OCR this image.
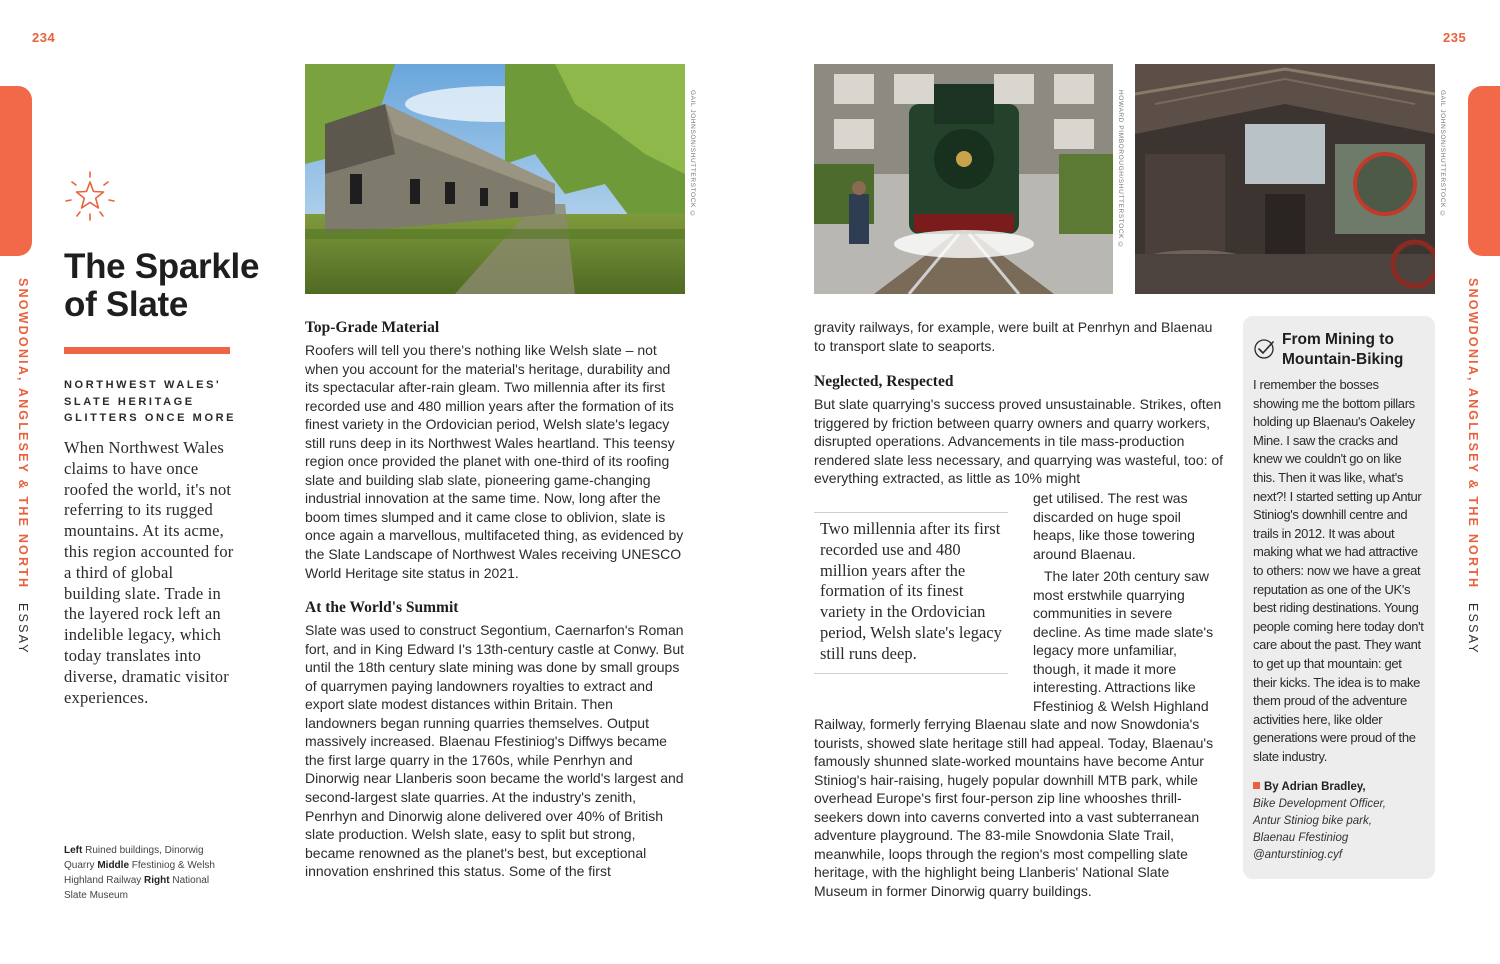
234	235
SNOWDONIA, ANGLESEY & THE NORTH ESSAY
SNOWDONIA, ANGLESEY & THE NORTH ESSAY
GAIL JOHNSON/SHUTTERSTOCK ©	HOWARD PIMBOROUGH/SHUTTERSTOCK ©	GAIL JOHNSON/SHUTTERSTOCK ©
The Sparkle of Slate
NORTHWEST WALES' SLATE HERITAGE GLITTERS ONCE MORE

When Northwest Wales claims to have once roofed the world, it's not referring to its rugged mountains. At its acme, this region accounted for a third of global building slate. Trade in the layered rock left an indelible legacy, which today translates into diverse, dramatic visitor experiences.

Left Ruined buildings, Dinorwig Quarry Middle Ffestiniog & Welsh Highland Railway Right National Slate Museum
Top-Grade Material

Roofers will tell you there's nothing like Welsh slate – not when you account for the material's heritage, durability and its spectacular after-rain gleam. Two millennia after its first recorded use and 480 million years after the formation of its finest variety in the Ordovician period, Welsh slate's legacy still runs deep in its Northwest Wales heartland. This teensy region once provided the planet with one-third of its roofing slate and building slab slate, pioneering game-changing industrial innovation at the same time. Now, long after the boom times slumped and it came close to oblivion, slate is once again a marvellous, multifaceted thing, as evidenced by the Slate Landscape of Northwest Wales receiving UNESCO World Heritage site status in 2021.

At the World's Summit

Slate was used to construct Segontium, Caernarfon's Roman fort, and in King Edward I's 13th-century castle at Conwy. But until the 18th century slate mining was done by small groups of quarrymen paying landowners royalties to extract and export slate modest distances within Britain. Then landowners began running quarries themselves. Output massively increased. Blaenau Ffestiniog's Diffwys became the first large quarry in the 1760s, while Penrhyn and Dinorwig near Llanberis soon became the world's largest and second-largest slate quarries. At the industry's zenith, Penrhyn and Dinorwig alone delivered over 40% of British slate production. Welsh slate, easy to split but strong, became renowned as the planet's best, but exceptional innovation enshrined this status. Some of the first

gravity railways, for example, were built at Penrhyn and Blaenau to transport slate to seaports.

Neglected, Respected

But slate quarrying's success proved unsustainable. Strikes, often triggered by friction between quarry owners and quarry workers, disrupted operations. Advancements in tile mass-production rendered slate less necessary, and quarrying was wasteful, too: of everything extracted, as little as 10% might

get utilised. The rest was discarded on huge spoil heaps, like those towering around Blaenau.

The later 20th century saw most erstwhile quarrying communities in severe decline. As time made slate's legacy more unfamiliar, though, it made it more interesting. Attractions like Ffestiniog & Welsh Highland

Two millennia after its first recorded use and 480 million years after the formation of its finest variety in the Ordovician period, Welsh slate's legacy still runs deep.

Railway, formerly ferrying Blaenau slate and now Snowdonia's tourists, showed slate heritage still had appeal. Today, Blaenau's famously shunned slate-worked mountains have become Antur Stiniog's hair-raising, hugely popular downhill MTB park, while overhead Europe's first four-person zip line whooshes thrill-seekers down into caverns converted into a vast subterranean adventure playground. The 83-mile Snowdonia Slate Trail, meanwhile, loops through the region's most compelling slate heritage, with the highlight being Llanberis' National Slate Museum in former Dinorwig quarry buildings.

From Mining to Mountain-Biking

I remember the bosses showing me the bottom pillars holding up Blaenau's Oakeley Mine. I saw the cracks and knew we couldn't go on like this. Then it was like, what's next?! I started setting up Antur Stiniog's downhill centre and trails in 2012. It was about making what we had attractive to others: now we have a great reputation as one of the UK's best riding destinations. Young people coming here today don't care about the past. They want to get up that mountain: get their kicks. The idea is to make them proud of the adventure activities here, like older generations were proud of the slate industry.

By Adrian Bradley,
Bike Development Officer,
Antur Stiniog bike park,
Blaenau Ffestiniog
@anturstiniog.cyf
